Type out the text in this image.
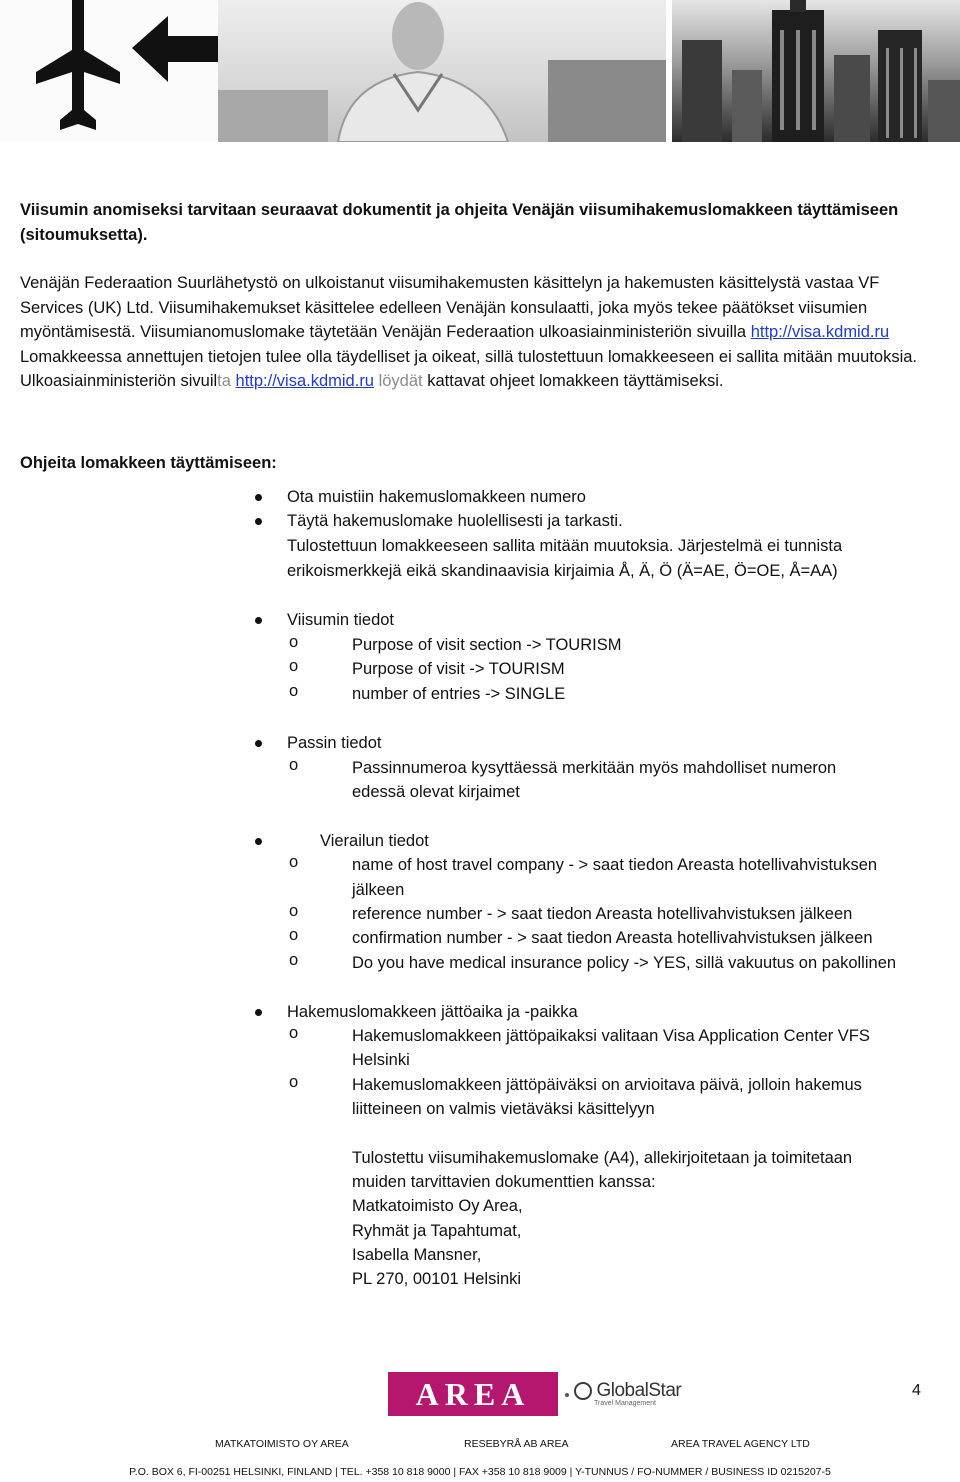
Viisumin anomiseksi tarvitaan seuraavat dokumentit ja ohjeita Venäjän viisumihakemuslomakkeen täyttämiseen (sitoumuksetta).

Venäjän Federaation Suurlähetystö on ulkoistanut viisumihakemusten käsittelyn ja hakemusten käsittelystä vastaa VF Services (UK) Ltd. Viisumihakemukset käsittelee edelleen Venäjän konsulaatti, joka myös tekee päätökset viisumien myöntämisestä. Viisumianomuslomake täytetään Venäjän Federaation ulkoasiainministeriön sivuilla http://visa.kdmid.ru Lomakkeessa annettujen tietojen tulee olla täydelliset ja oikeat, sillä tulostettuun lomakkeeseen ei sallita mitään muutoksia. Ulkoasiainministeriön sivuilta http://visa.kdmid.ru löydät kattavat ohjeet lomakkeen täyttämiseksi.

Ohjeita lomakkeen täyttämiseen:
Ota muistiin hakemuslomakkeen numero
Täytä hakemuslomake huolellisesti ja tarkasti.
Tulostettuun lomakkeeseen sallita mitään muutoksia. Järjestelmä ei tunnista
erikoismerkkejä eikä skandinaavisia kirjaimia Å, Ä, Ö (Ä=AE, Ö=OE, Å=AA)
Viisumin tiedot
o	Purpose of visit section -> TOURISM
o	Purpose of visit -> TOURISM
o	number of entries -> SINGLE
Passin tiedot
o	Passinnumeroa kysyttäessä merkitään myös mahdolliset numeron
edessä olevat kirjaimet
Vierailun tiedot
o	name of host travel company - > saat tiedon Areasta hotellivahvistuksen
jälkeen
o	reference number - > saat tiedon Areasta hotellivahvistuksen jälkeen
o	confirmation number - > saat tiedon Areasta hotellivahvistuksen jälkeen
o	Do you have medical insurance policy -> YES, sillä vakuutus on pakollinen
Hakemuslomakkeen jättöaika ja -paikka
o	Hakemuslomakkeen jättöpaikaksi valitaan Visa Application Center VFS
Helsinki
o	Hakemuslomakkeen jättöpäiväksi on arvioitava päivä, jolloin hakemus
liitteineen on valmis vietäväksi käsittelyyn
Tulostettu viisumihakemuslomake (A4), allekirjoitetaan ja toimitetaan
muiden tarvittavien dokumenttien kanssa:
Matkatoimisto Oy Area,
Ryhmät ja Tapahtumat,
Isabella Mansner,
PL 270, 00101 Helsinki
AREA	GlobalStar
Travel Management
4
MATKATOIMISTO OY AREA	RESEBYRÅ AB AREA	AREA TRAVEL AGENCY LTD
P.O. BOX 6, FI-00251 HELSINKI, FINLAND | TEL. +358 10 818 9000 | FAX +358 10 818 9009 | Y-TUNNUS / FO-NUMMER / BUSINESS ID 0215207-5
